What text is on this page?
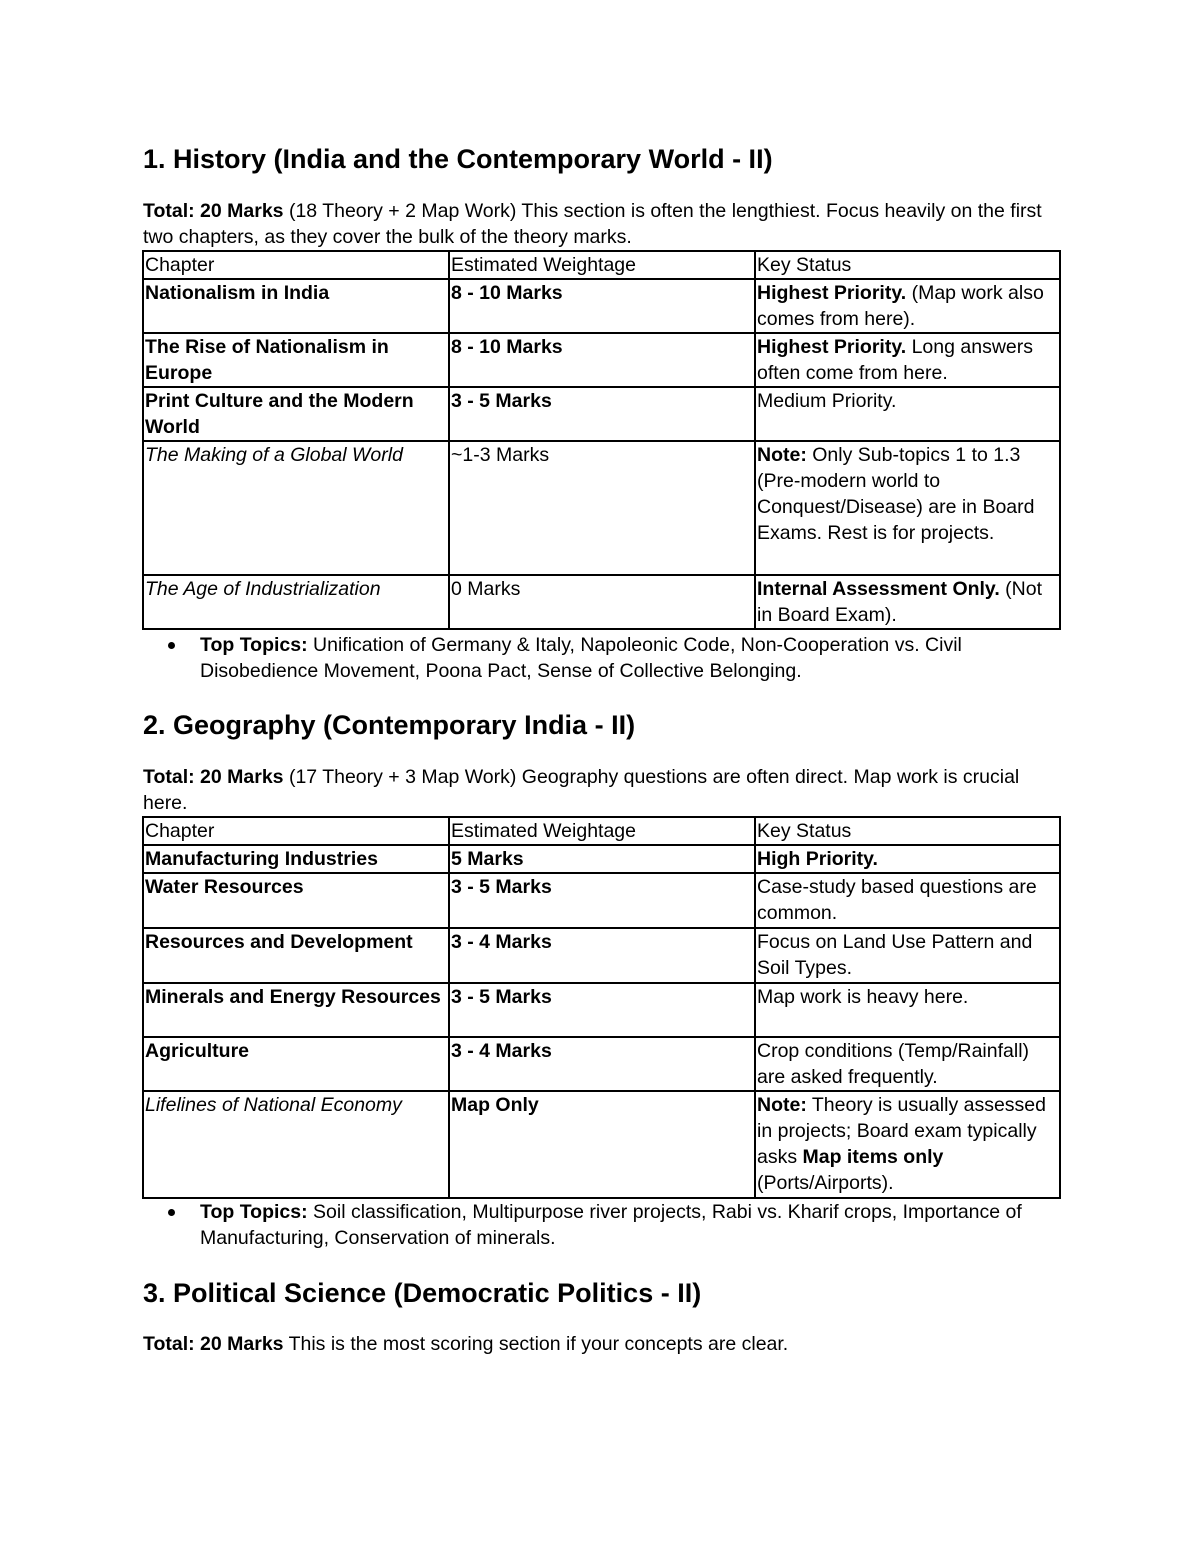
1. History (India and the Contemporary World - II)

Total: 20 Marks (18 Theory + 2 Map Work) This section is often the lengthiest. Focus heavily on the first two chapters, as they cover the bulk of the theory marks.

Chapter	Estimated Weightage	Key Status
Nationalism in India	8 - 10 Marks	Highest Priority. (Map work also comes from here).
The Rise of Nationalism in Europe	8 - 10 Marks	Highest Priority. Long answers often come from here.
Print Culture and the Modern World	3 - 5 Marks	Medium Priority.
The Making of a Global World	~1-3 Marks	Note: Only Sub-topics 1 to 1.3 (Pre-modern world to Conquest/Disease) are in Board Exams. Rest is for projects.
The Age of Industrialization	0 Marks	Internal Assessment Only. (Not in Board Exam).
Top Topics: Unification of Germany & Italy, Napoleonic Code, Non-Cooperation vs. Civil Disobedience Movement, Poona Pact, Sense of Collective Belonging.
2. Geography (Contemporary India - II)

Total: 20 Marks (17 Theory + 3 Map Work) Geography questions are often direct. Map work is crucial here.

Chapter	Estimated Weightage	Key Status
Manufacturing Industries	5 Marks	High Priority.
Water Resources	3 - 5 Marks	Case-study based questions are common.
Resources and Development	3 - 4 Marks	Focus on Land Use Pattern and Soil Types.
Minerals and Energy Resources	3 - 5 Marks	Map work is heavy here.
Agriculture	3 - 4 Marks	Crop conditions (Temp/Rainfall) are asked frequently.
Lifelines of National Economy	Map Only	Note: Theory is usually assessed in projects; Board exam typically asks Map items only (Ports/Airports).
Top Topics: Soil classification, Multipurpose river projects, Rabi vs. Kharif crops, Importance of Manufacturing, Conservation of minerals.
3. Political Science (Democratic Politics - II)

Total: 20 Marks This is the most scoring section if your concepts are clear.
